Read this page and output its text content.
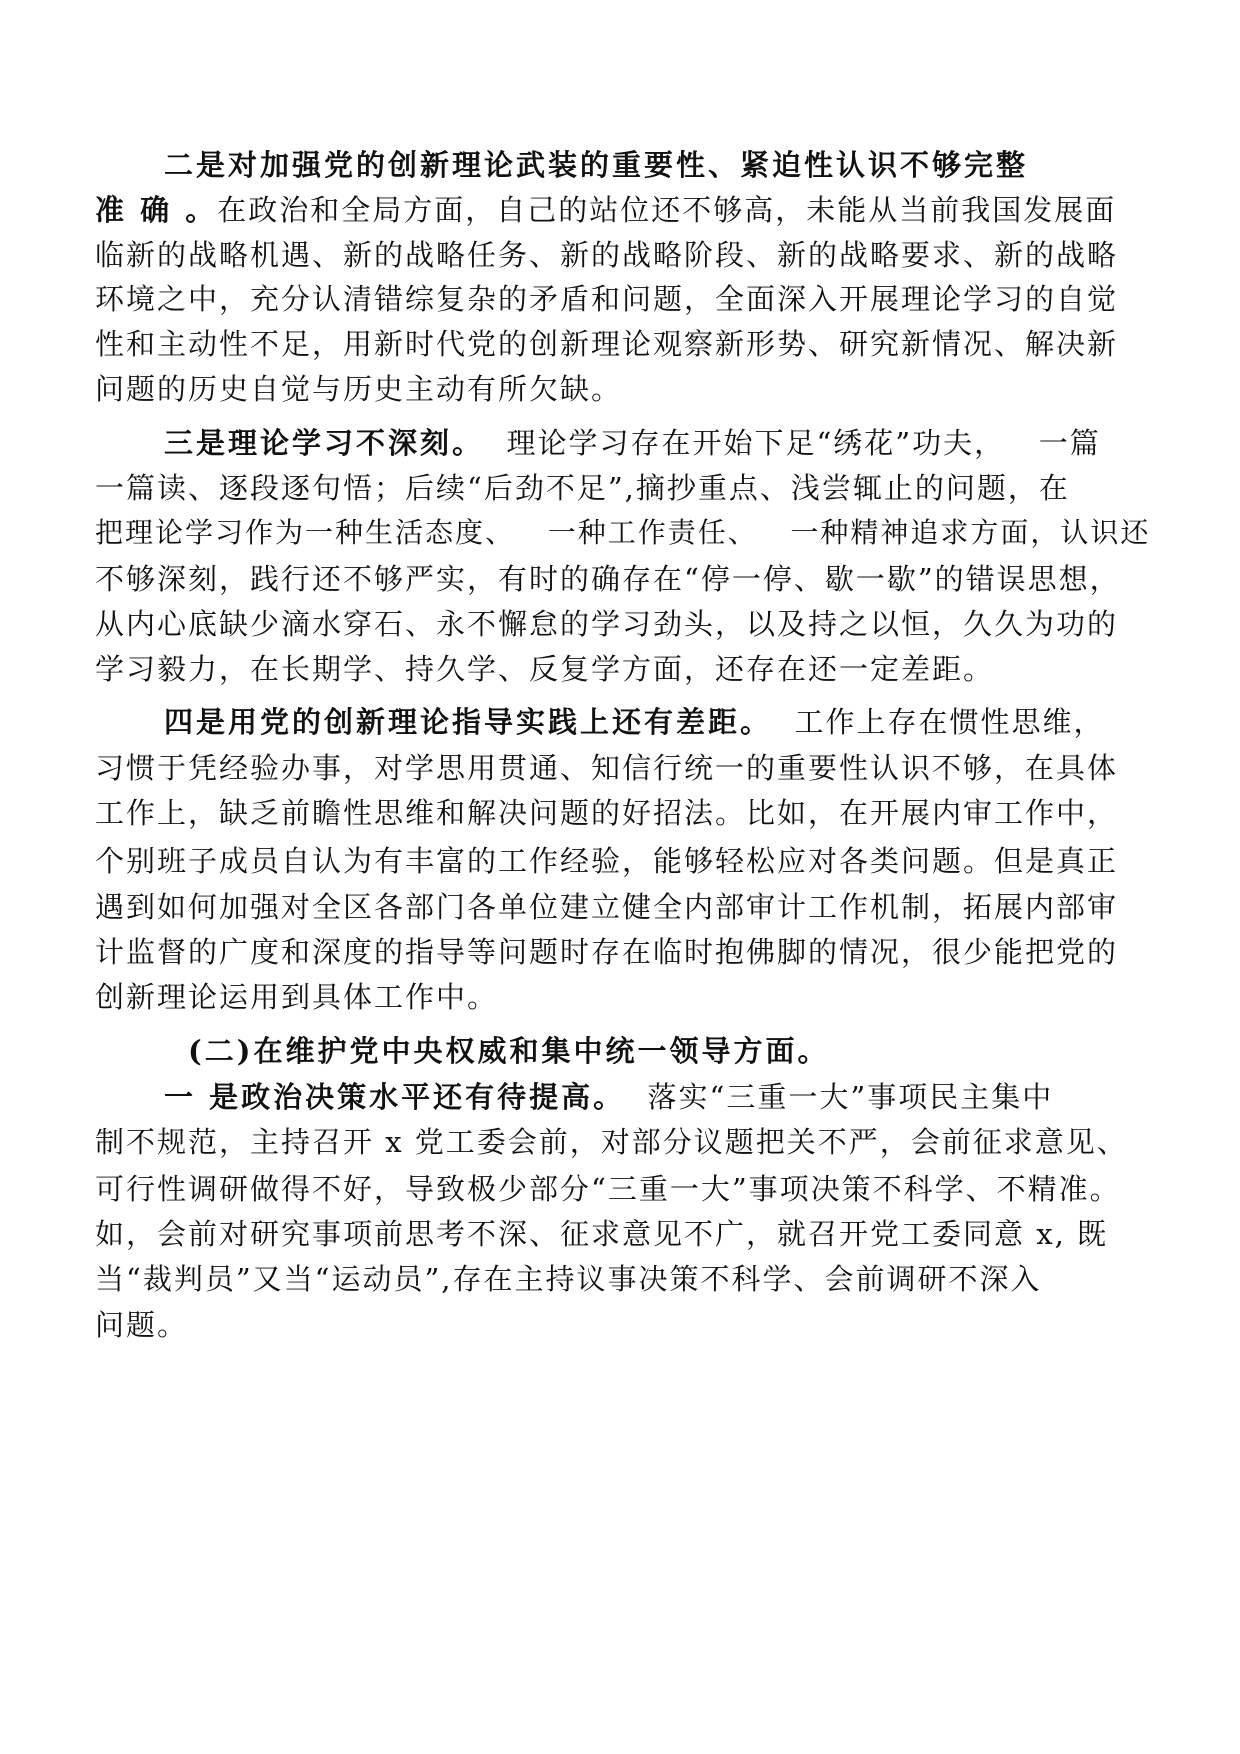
二是对加强党的创新理论武装的重要性、紧迫性认识不够完整
准 确 。在政治和全局方面，自己的站位还不够高，未能从当前我国发展面
临新的战略机遇、新的战略任务、新的战略阶段、新的战略要求、新的战略
环境之中，充分认清错综复杂的矛盾和问题，全面深入开展理论学习的自觉
性和主动性不足，用新时代党的创新理论观察新形势、研究新情况、解决新
问题的历史自觉与历史主动有所欠缺。
三是理论学习不深刻。  理论学习存在开始下足“绣花”功夫，   一篇
一篇读、逐段逐句悟；后续“后劲不足”,摘抄重点、浅尝辄止的问题，在
把理论学习作为一种生活态度、   一种工作责任、   一种精神追求方面，认识还
不够深刻，践行还不够严实，有时的确存在“停一停、歇一歇”的错误思想，
从内心底缺少滴水穿石、永不懈怠的学习劲头，以及持之以恒，久久为功的
学习毅力，在长期学、持久学、反复学方面，还存在还一定差距。
四是用党的创新理论指导实践上还有差距。  工作上存在惯性思维，
习惯于凭经验办事，对学思用贯通、知信行统一的重要性认识不够，在具体
工作上，缺乏前瞻性思维和解决问题的好招法。比如，在开展内审工作中，
个别班子成员自认为有丰富的工作经验，能够轻松应对各类问题。但是真正
遇到如何加强对全区各部门各单位建立健全内部审计工作机制，拓展内部审
计监督的广度和深度的指导等问题时存在临时抱佛脚的情况，很少能把党的
创新理论运用到具体工作中。
(二)在维护党中央权威和集中统一领导方面。
一 是政治决策水平还有待提高。  落实“三重一大”事项民主集中
制不规范，主持召开 x 党工委会前，对部分议题把关不严，会前征求意见、
可行性调研做得不好，导致极少部分“三重一大”事项决策不科学、不精准。
如，会前对研究事项前思考不深、征求意见不广，就召开党工委同意 x, 既
当“裁判员”又当“运动员”,存在主持议事决策不科学、会前调研不深入
问题。
